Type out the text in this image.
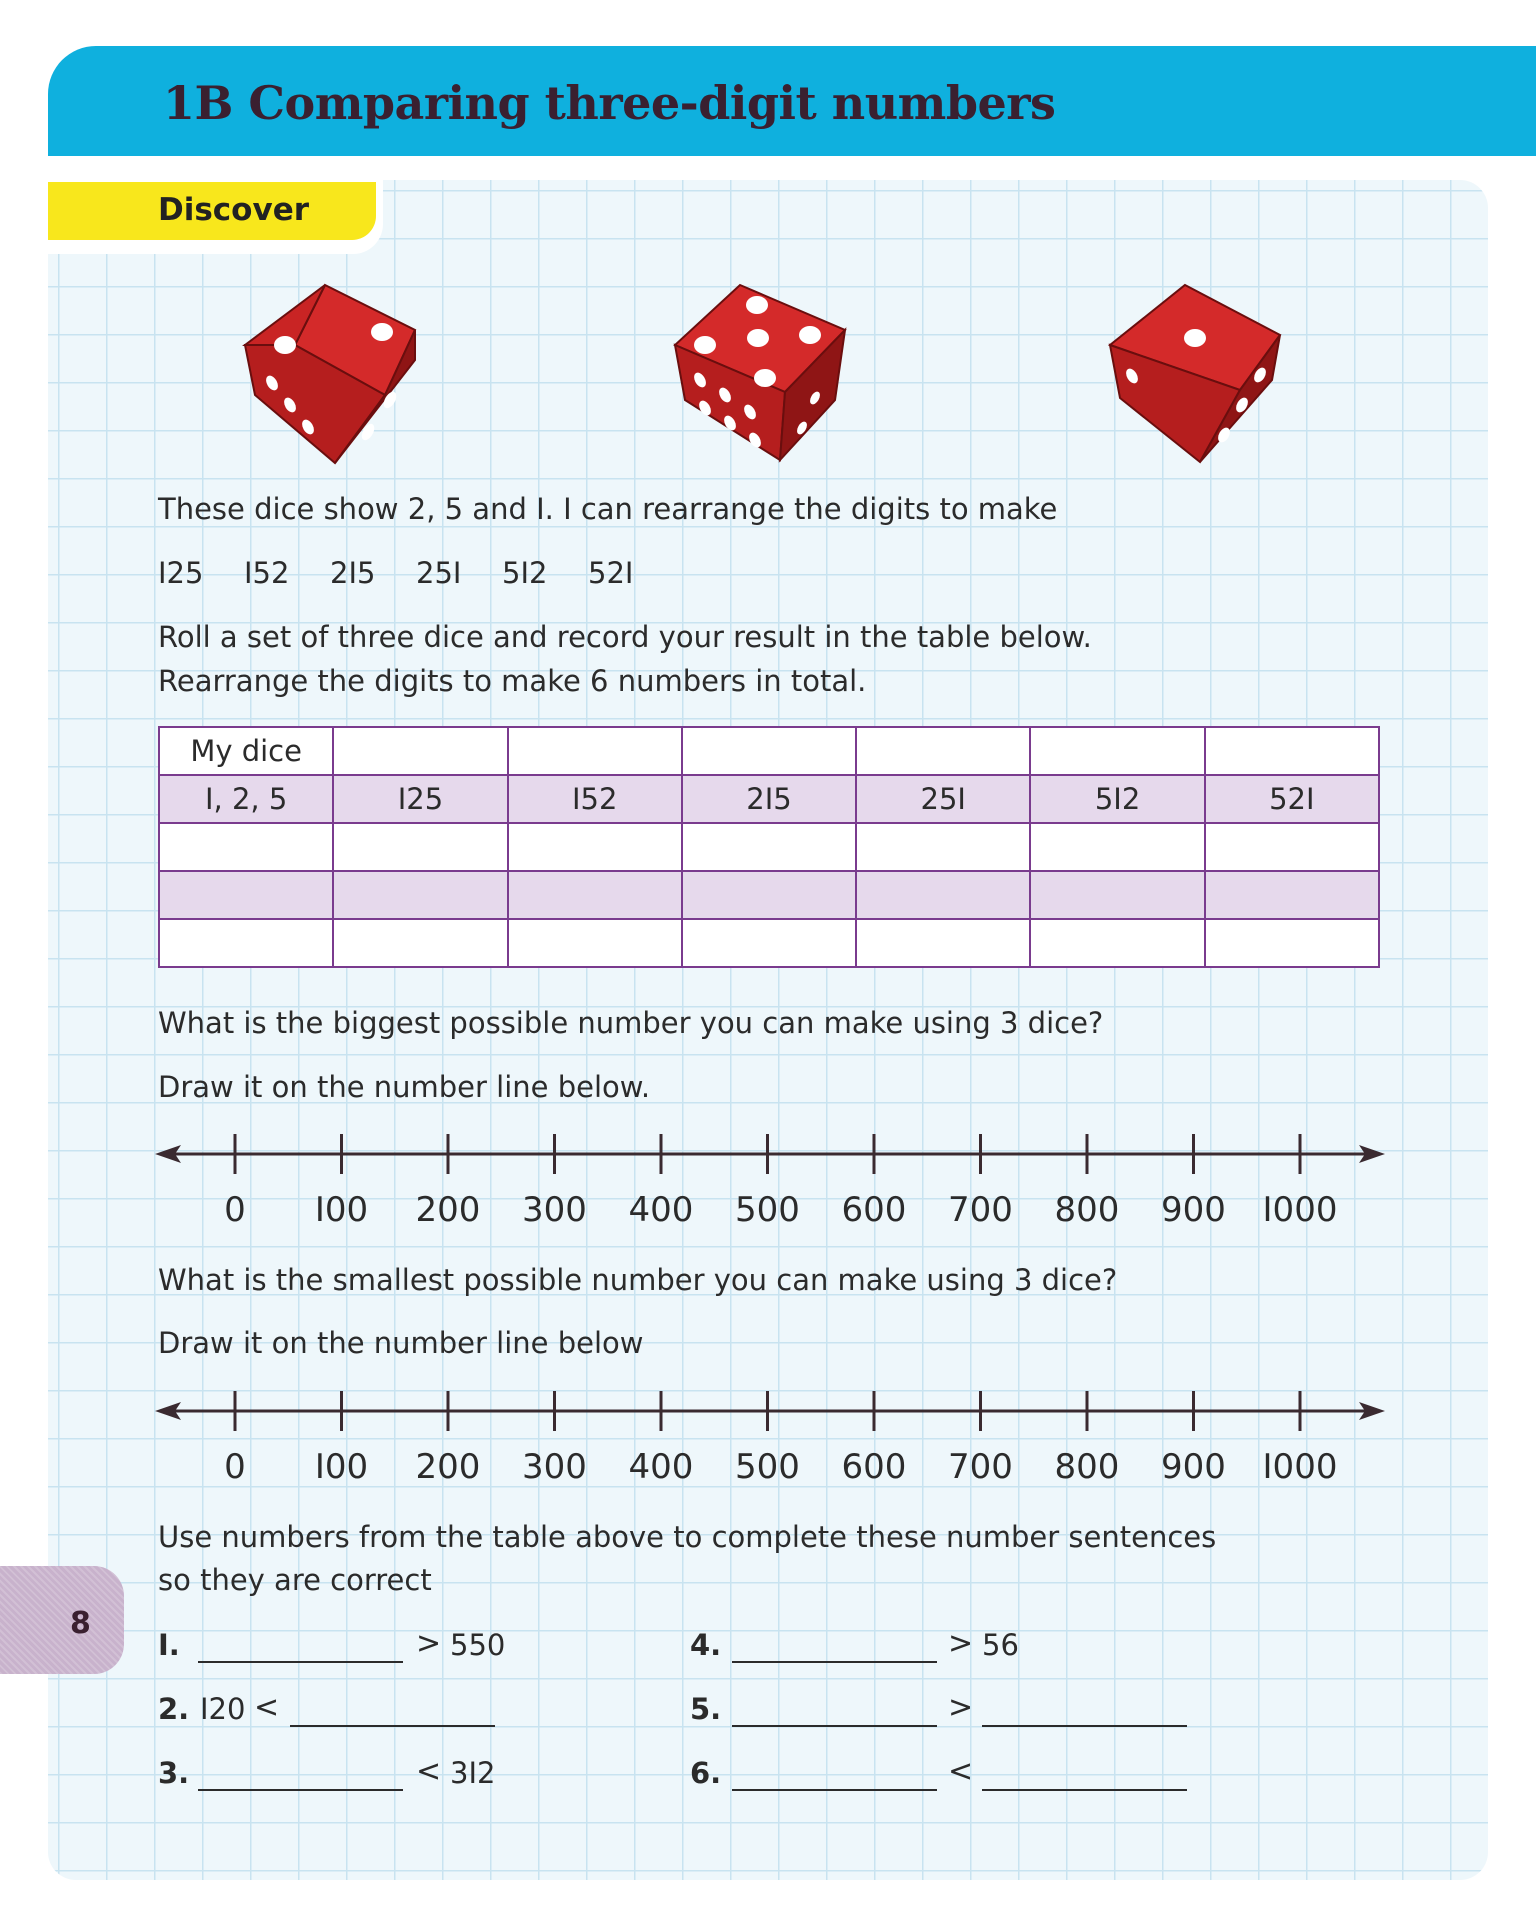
1B Comparing three-digit numbers
Discover
These dice show 2, 5 and I. I can rearrange the digits to make
I25 I52 2I5 25I 5I2 52I
Roll a set of three dice and record your result in the table below.
Rearrange the digits to make 6 numbers in total.
My dice						
I, 2, 5	I25	I52	2I5	25I	5I2	52I

What is the biggest possible number you can make using 3 dice?
Draw it on the number line below.
0	I00	200	300	400	500	600	700	800	900	I000
What is the smallest possible number you can make using 3 dice?
Draw it on the number line below
0	I00	200	300	400	500	600	700	800	900	I000
Use numbers from the table above to complete these number sentences
so they are correct
8
I.	> 550
2. I20 <
3.	< 3I2
4.	> 56
5.	>
6.	<
